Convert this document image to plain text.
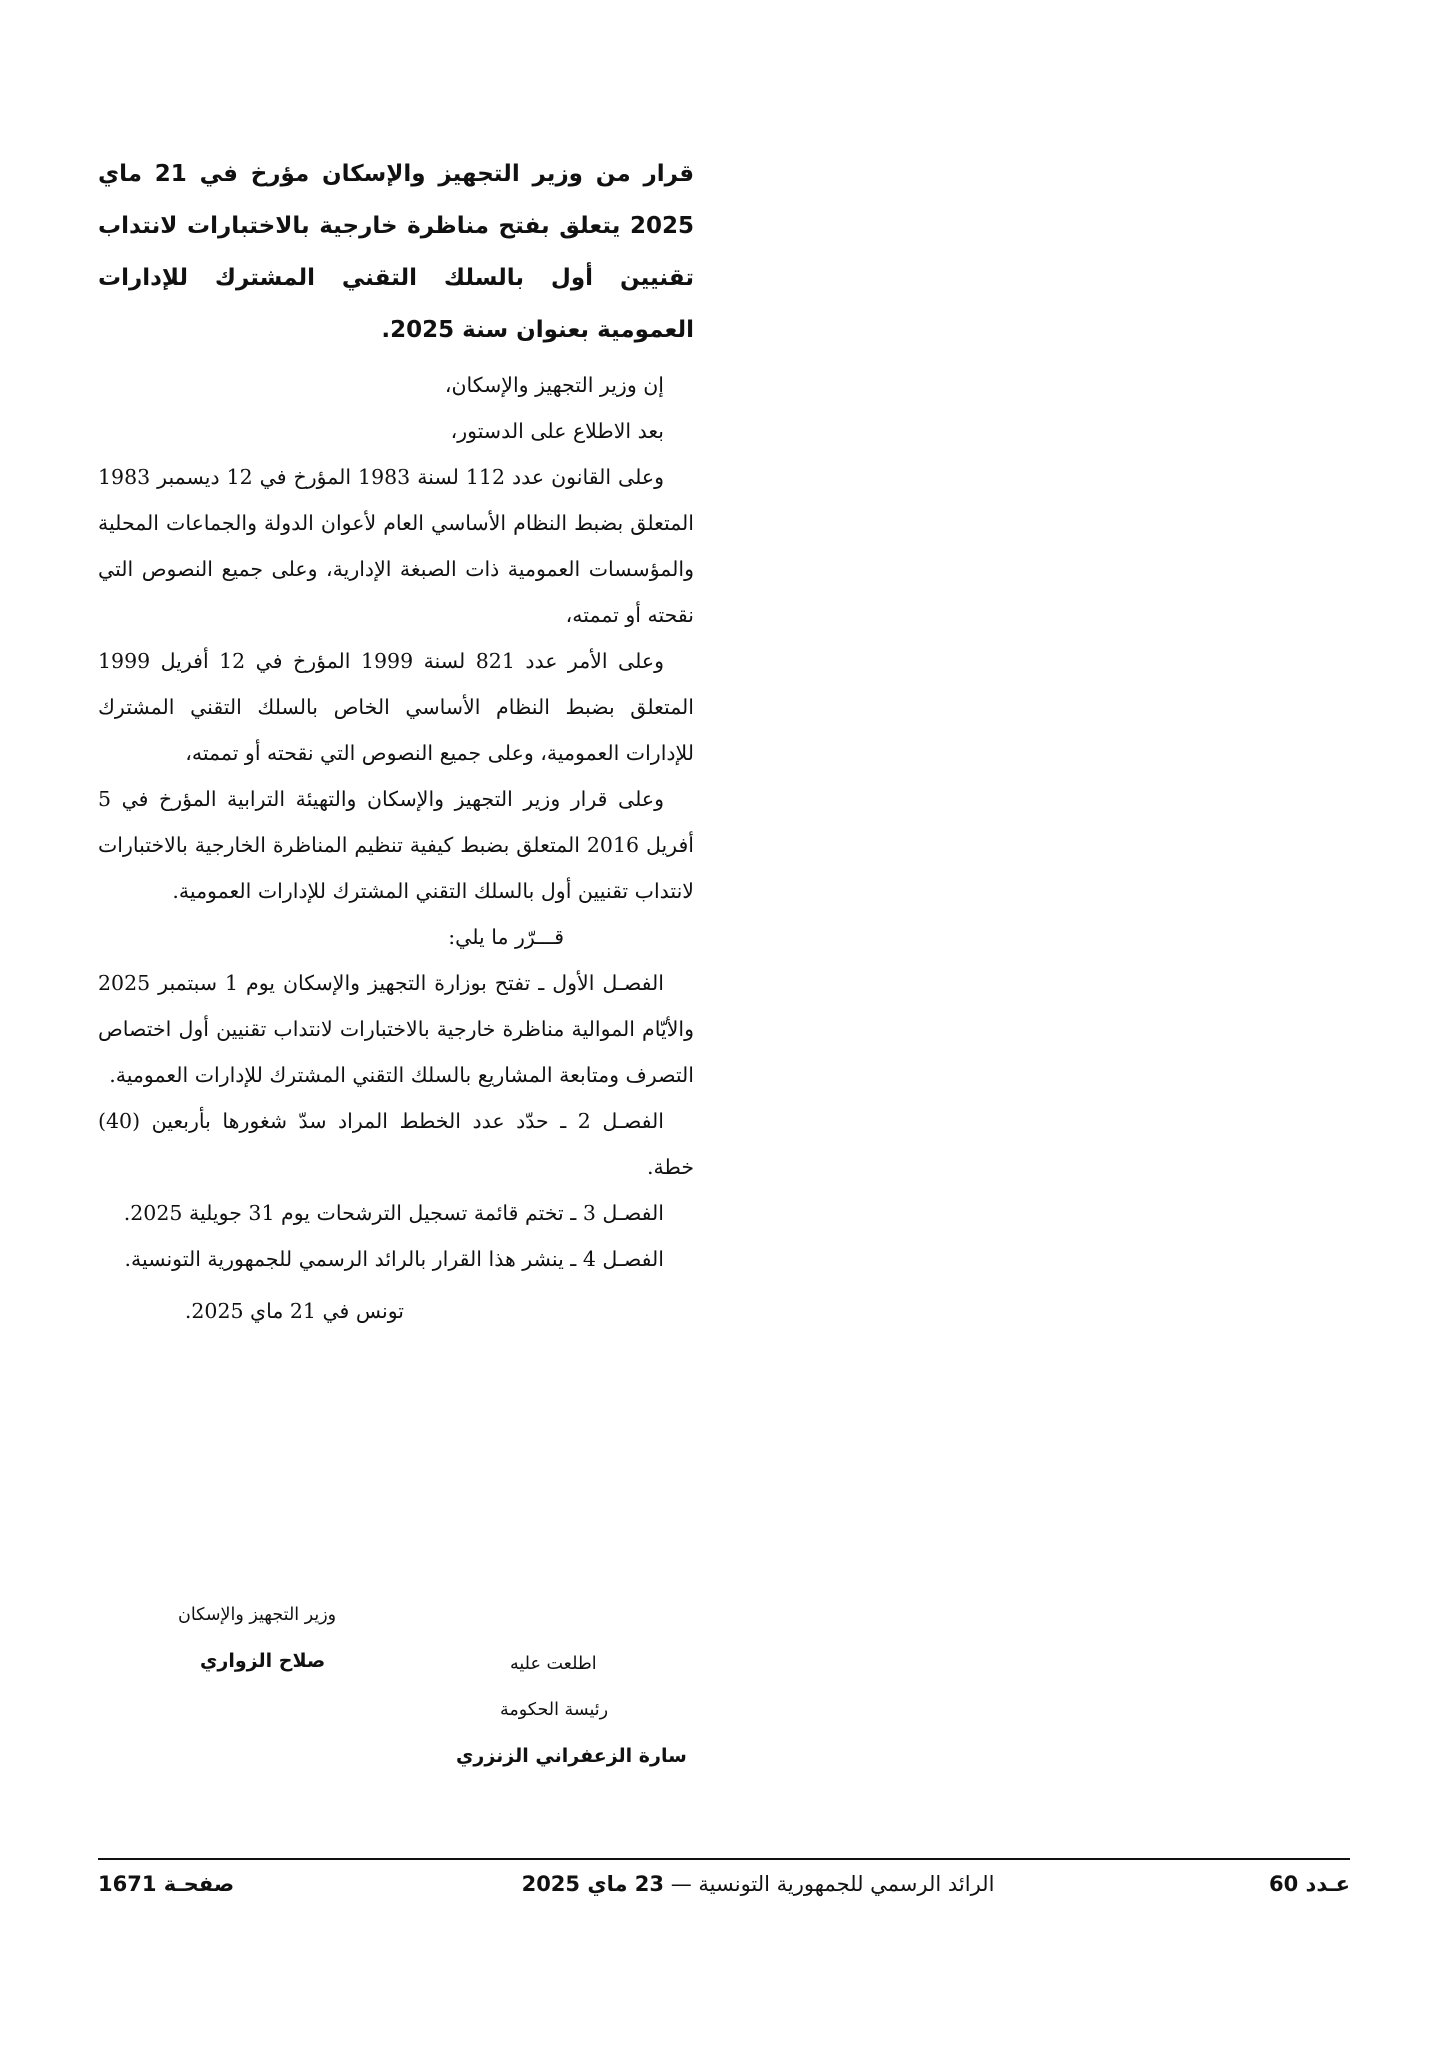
قرار من وزير التجهيز والإسكان مؤرخ في 21 ماي 2025 يتعلق بفتح مناظرة خارجية بالاختبارات لانتداب تقنيين أول بالسلك التقني المشترك للإدارات العمومية بعنوان سنة 2025.

إن وزير التجهيز والإسكان،

بعد الاطلاع على الدستور،

وعلى القانون عدد 112 لسنة 1983 المؤرخ في 12 ديسمبر 1983 المتعلق بضبط النظام الأساسي العام لأعوان الدولة والجماعات المحلية والمؤسسات العمومية ذات الصبغة الإدارية، وعلى جميع النصوص التي نقحته أو تممته،

وعلى الأمر عدد 821 لسنة 1999 المؤرخ في 12 أفريل 1999 المتعلق بضبط النظام الأساسي الخاص بالسلك التقني المشترك للإدارات العمومية، وعلى جميع النصوص التي نقحته أو تممته،

وعلى قرار وزير التجهيز والإسكان والتهيئة الترابية المؤرخ في 5 أفريل 2016 المتعلق بضبط كيفية تنظيم المناظرة الخارجية بالاختبارات لانتداب تقنيين أول بالسلك التقني المشترك للإدارات العمومية.

قـــرّر ما يلي:

الفصـل الأول ـ تفتح بوزارة التجهيز والإسكان يوم 1 سبتمبر 2025 والأيّام الموالية مناظرة خارجية بالاختبارات لانتداب تقنيين أول اختصاص التصرف ومتابعة المشاريع بالسلك التقني المشترك للإدارات العمومية.

الفصـل 2 ـ حدّد عدد الخطط المراد سدّ شغورها بأربعين (40) خطة.

الفصـل 3 ـ تختم قائمة تسجيل الترشحات يوم 31 جويلية 2025.

الفصـل 4 ـ ينشر هذا القرار بالرائد الرسمي للجمهورية التونسية.

تونس في 21 ماي 2025.

وزير التجهيز والإسكان
صلاح الزواري	اطلعت عليه
رئيسة الحكومة
سارة الزعفراني الزنزري
صفحـة 1671	الرائد الرسمي للجمهورية التونسية — 23 ماي 2025	عـدد 60
